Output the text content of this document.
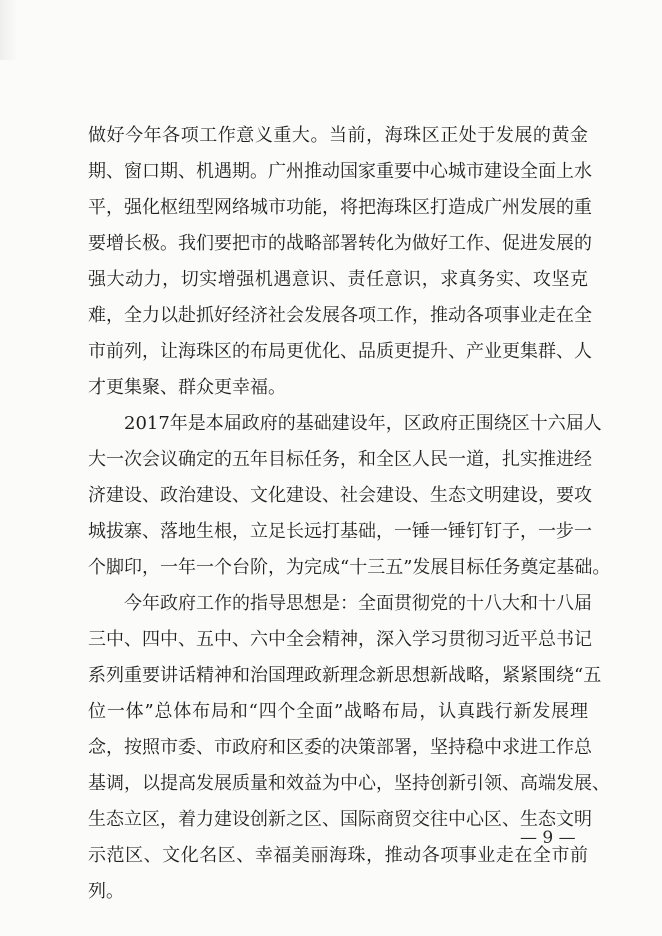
做好今年各项工作意义重大。当前，海珠区正处于发展的黄金
期、窗口期、机遇期。广州推动国家重要中心城市建设全面上水
平，强化枢纽型网络城市功能，将把海珠区打造成广州发展的重
要增长极。我们要把市的战略部署转化为做好工作、促进发展的
强大动力，切实增强机遇意识、责任意识，求真务实、攻坚克
难，全力以赴抓好经济社会发展各项工作，推动各项事业走在全
市前列，让海珠区的布局更优化、品质更提升、产业更集群、人
才更集聚、群众更幸福。
2017年是本届政府的基础建设年，区政府正围绕区十六届人
大一次会议确定的五年目标任务，和全区人民一道，扎实推进经
济建设、政治建设、文化建设、社会建设、生态文明建设，要攻
城拔寨、落地生根，立足长远打基础，一锤一锤钉钉子，一步一
个脚印，一年一个台阶，为完成“十三五”发展目标任务奠定基础。
今年政府工作的指导思想是：全面贯彻党的十八大和十八届
三中、四中、五中、六中全会精神，深入学习贯彻习近平总书记
系列重要讲话精神和治国理政新理念新思想新战略，紧紧围绕“五
位一体”总体布局和“四个全面”战略布局，认真践行新发展理
念，按照市委、市政府和区委的决策部署，坚持稳中求进工作总
基调，以提高发展质量和效益为中心，坚持创新引领、高端发展、
生态立区，着力建设创新之区、国际商贸交往中心区、生态文明
示范区、文化名区、幸福美丽海珠，推动各项事业走在全市前
列。
— 9 —
